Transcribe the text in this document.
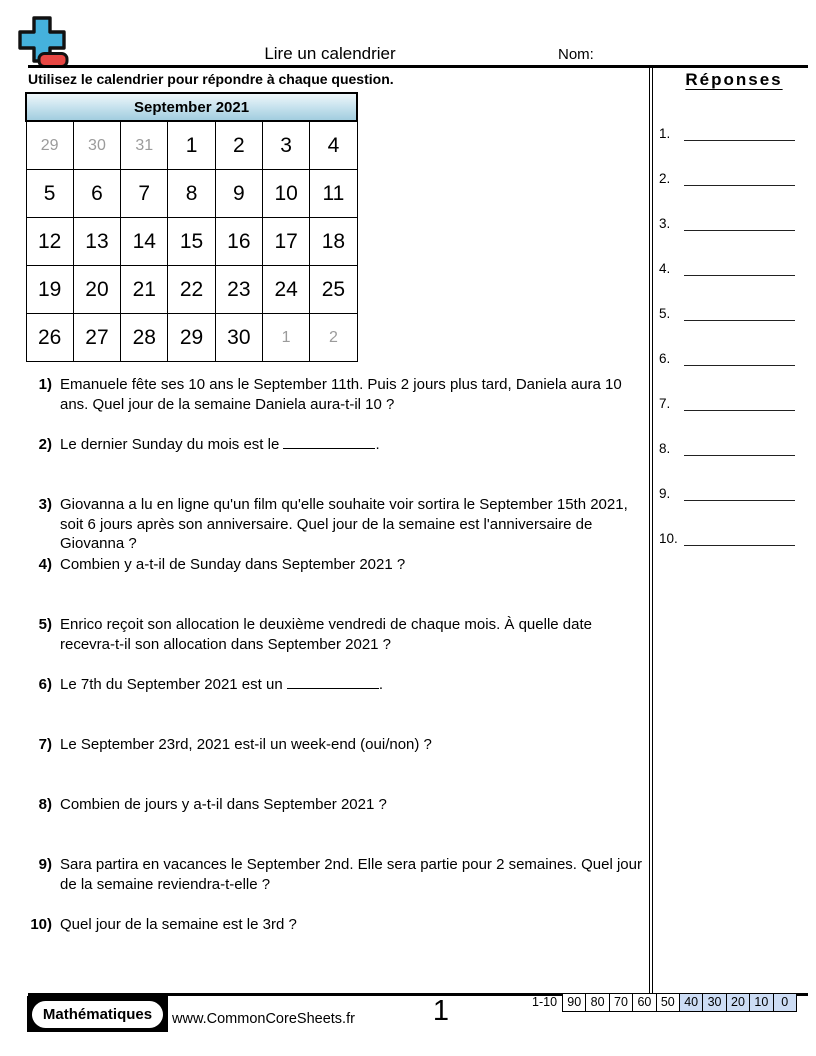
Lire un calendrier	Nom:
Utilisez le calendrier pour répondre à chaque question.
September 2021						
29	30	31	1	2	3	4
5	6	7	8	9	10	11
12	13	14	15	16	17	18
19	20	21	22	23	24	25
26	27	28	29	30	1	2
1) Emanuele fête ses 10 ans le September 11th. Puis 2 jours plus tard, Daniela aura 10 ans. Quel jour de la semaine Daniela aura-t-il 10 ?
2) Le dernier Sunday du mois est le	.
3) Giovanna a lu en ligne qu'un film qu'elle souhaite voir sortira le September 15th 2021, soit 6 jours après son anniversaire. Quel jour de la semaine est l'anniversaire de Giovanna ?
4) Combien y a-t-il de Sunday dans September 2021 ?
5) Enrico reçoit son allocation le deuxième vendredi de chaque mois. À quelle date recevra-t-il son allocation dans September 2021 ?
6) Le 7th du September 2021 est un	.
7) Le September 23rd, 2021 est-il un week-end (oui/non) ?
8) Combien de jours y a-t-il dans September 2021 ?
9) Sara partira en vacances le September 2nd. Elle sera partie pour 2 semaines. Quel jour de la semaine reviendra-t-elle ?
10) Quel jour de la semaine est le 3rd ?
Réponses
1.
2.
3.
4.
5.
6.
7.
8.
9.
10.
Mathématiques	www.CommonCoreSheets.fr	1	1-10 90 80 70 60 50 40 30 20 10	0
